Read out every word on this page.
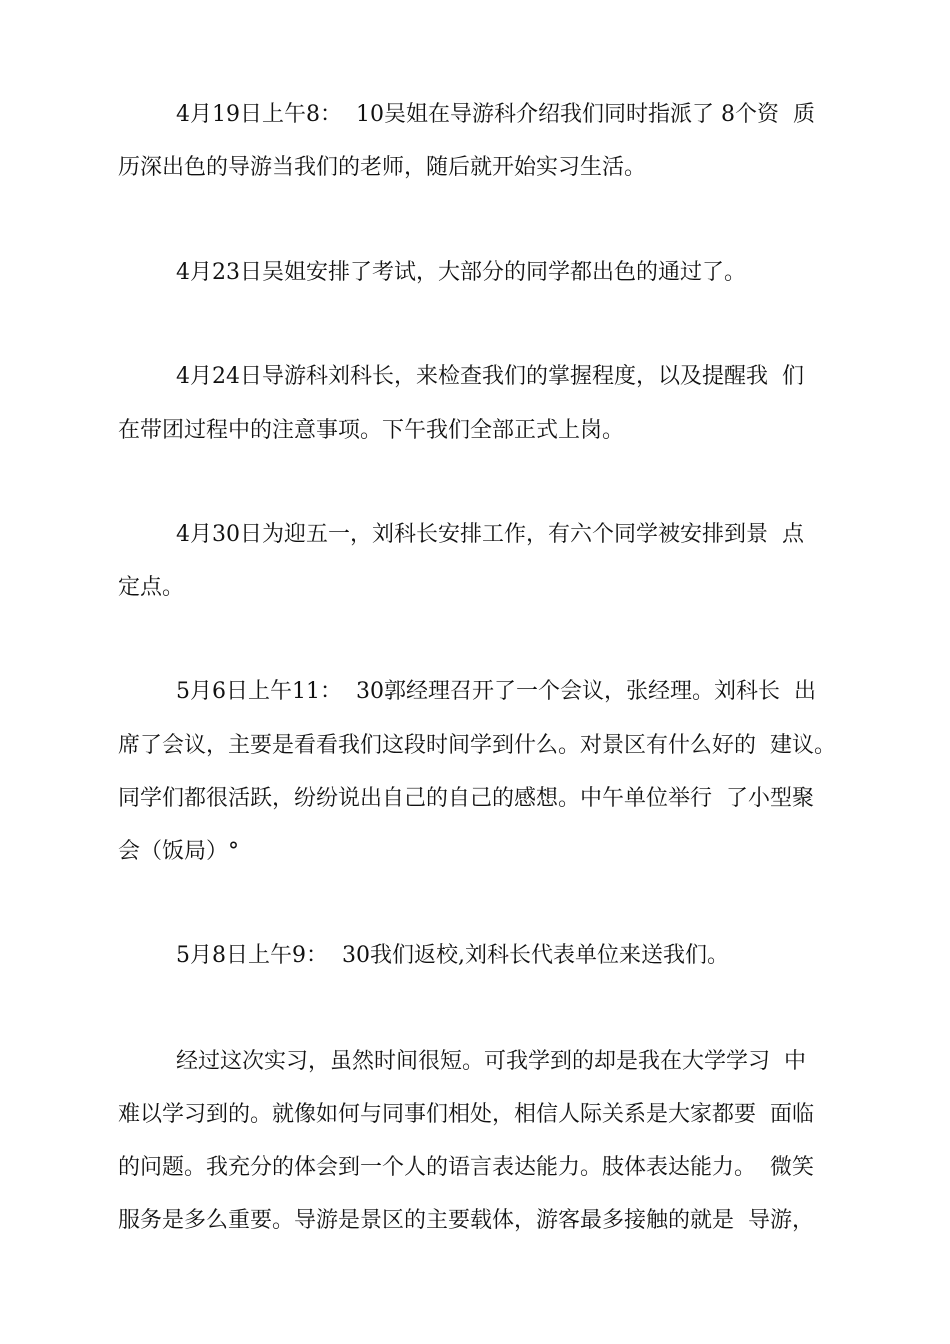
4月19日上午8：  10吴姐在导游科介绍我们同时指派了 8个资  质

历深出色的导游当我们的老师，随后就开始实习生活。

4月23日吴姐安排了考试，大部分的同学都出色的通过了。

4月24日导游科刘科长，来检查我们的掌握程度，以及提醒我  们

在带团过程中的注意事项。下午我们全部正式上岗。

4月30日为迎五一，刘科长安排工作，有六个同学被安排到景  点

定点。

5月6日上午11：  30郭经理召开了一个会议，张经理。刘科长  出

席了会议，主要是看看我们这段时间学到什么。对景区有什么好的  建议。

同学们都很活跃，纷纷说出自己的自己的感想。中午单位举行  了小型聚

会（饭局）°

5月8日上午9：  30我们返校,刘科长代表单位来送我们。

经过这次实习，虽然时间很短。可我学到的却是我在大学学习  中

难以学习到的。就像如何与同事们相处，相信人际关系是大家都要  面临

的问题。我充分的体会到一个人的语言表达能力。肢体表达能力。  微笑

服务是多么重要。导游是景区的主要载体，游客最多接触的就是  导游，
